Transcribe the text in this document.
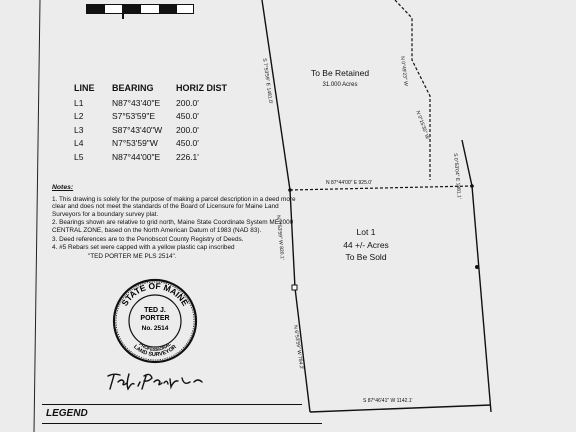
LINE	BEARING	HORIZ DIST
L1	N87°43'40"E	200.0'
L2	S7°53'59"E	450.0'
L3	S87°43'40"W	200.0'
L4	N7°53'59"W	450.0'
L5	N87°44'00"E	226.1'
Notes:
1. This drawing is solely for the purpose of making a parcel description in a deed more clear and does not meet the standards of the Board of Licensure for Maine Land Surveyors for a boundary survey plat.
2. Bearings shown are relative to grid north, Maine State Coordinate System ME2000 CENTRAL ZONE, based on the North American Datum of 1983 (NAD 83).
3. Deed references are to the Penobscot County Registry of Deeds.
4. #5 Rebars set were capped with a yellow plastic cap inscribed
"TED PORTER ME PLS 2514".
STATE OF MAINE
LAND SURVEYOR
PROFESSIONAL
TED J.
PORTER
No. 2514
LEGEND
S 7°53'59" E 1481.0'	N 0°49'23" W
N 0°15'35" W
N 87°44'00" E 925.0'	S 0°53'04" E 1881.1'
N 7°53'59" W 820.1'
N 6°53'59" W 784.2'
S 87°46'41" W 1142.1'
To Be Retained
31.000 Acres
Lot 1
44 +/- Acres
To Be Sold
